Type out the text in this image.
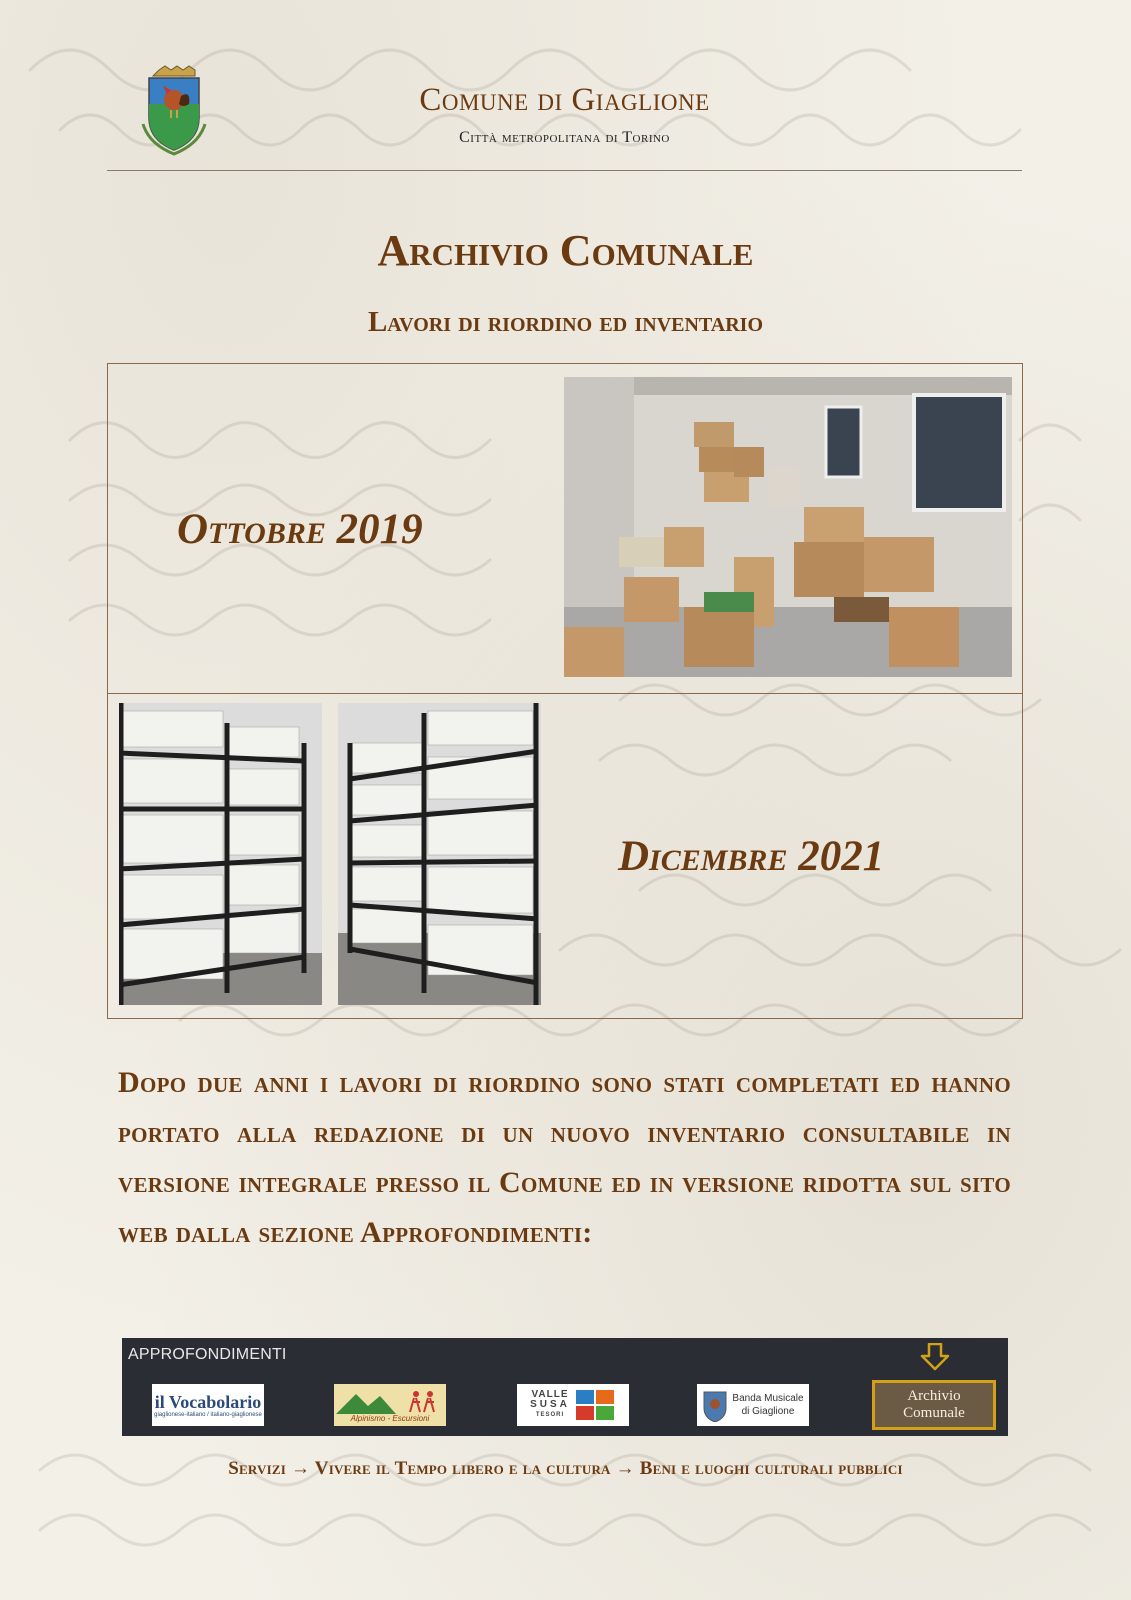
Comune di Giaglione
Città metropolitana di Torino
Archivio Comunale
Lavori di riordino ed inventario
Ottobre 2019
Dicembre 2021
Dopo due anni i lavori di riordino sono stati completati ed hanno portato alla redazione di un nuovo inventario consultabile in versione integrale presso il Comune ed in versione ridotta sul sito web dalla sezione Approfondimenti:
APPROFONDIMENTI
il Vocabolario
giaglionese-italiano / italiano-giaglionese	Alpinismo - Escursioni
VALLE
SUSA
TESORI
Banda Musicale
di Giaglione
Archivio
Comunale
Servizi → Vivere il Tempo libero e la cultura → Beni e luoghi culturali pubblici
